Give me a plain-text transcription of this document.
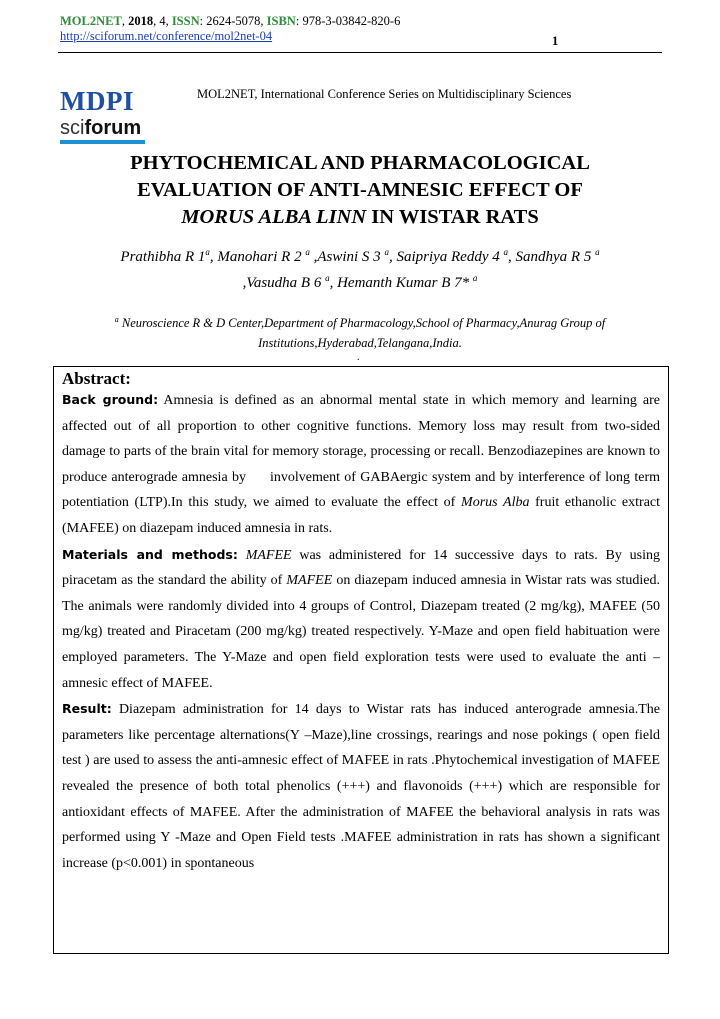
MOL2NET, 2018, 4, ISSN: 2624-5078, ISBN: 978-3-03842-820-6
http://sciforum.net/conference/mol2net-04	1
MDPI
sciforum
MOL2NET, International Conference Series on Multidisciplinary Sciences
PHYTOCHEMICAL AND PHARMACOLOGICAL
EVALUATION OF ANTI-AMNESIC EFFECT OF
MORUS ALBA LINN IN WISTAR RATS
Prathibha R 1$^a$, Manohari R 2 $^a$ ,Aswini S 3 $^a$, Saipriya Reddy 4 $^a$, Sandhya R 5 $^a$
,Vasudha B 6 $^a$, Hemanth Kumar B 7* $^a$
$^a$ Neuroscience R & D Center,Department of Pharmacology,School of Pharmacy,Anurag Group of
Institutions,Hyderabad,Telangana,India.
.
Abstract:

Back ground: Amnesia is defined as an abnormal mental state in which memory and learning are affected out of all proportion to other cognitive functions. Memory loss may result from two-sided damage to parts of the brain vital for memory storage, processing or recall. Benzodiazepines are known to produce anterograde amnesia by involvement of GABAergic system and by interference of long term potentiation (LTP).In this study, we aimed to evaluate the effect of Morus Alba fruit ethanolic extract (MAFEE) on diazepam induced amnesia in rats.

Materials and methods: MAFEE was administered for 14 successive days to rats. By using piracetam as the standard the ability of MAFEE on diazepam induced amnesia in Wistar rats was studied. The animals were randomly divided into 4 groups of Control, Diazepam treated (2 mg/kg), MAFEE (50 mg/kg) treated and Piracetam (200 mg/kg) treated respectively. Y-Maze and open field habituation were employed parameters. The Y-Maze and open field exploration tests were used to evaluate the anti –amnesic effect of MAFEE.

Result: Diazepam administration for 14 days to Wistar rats has induced anterograde amnesia.The parameters like percentage alternations(Y –Maze),line crossings, rearings and nose pokings ( open field test ) are used to assess the anti-amnesic effect of MAFEE in rats .Phytochemical investigation of MAFEE revealed the presence of both total phenolics (+++) and flavonoids (+++) which are responsible for antioxidant effects of MAFEE. After the administration of MAFEE the behavioral analysis in rats was performed using Y -Maze and Open Field tests .MAFEE administration in rats has shown a significant increase (p<0.001) in spontaneous
